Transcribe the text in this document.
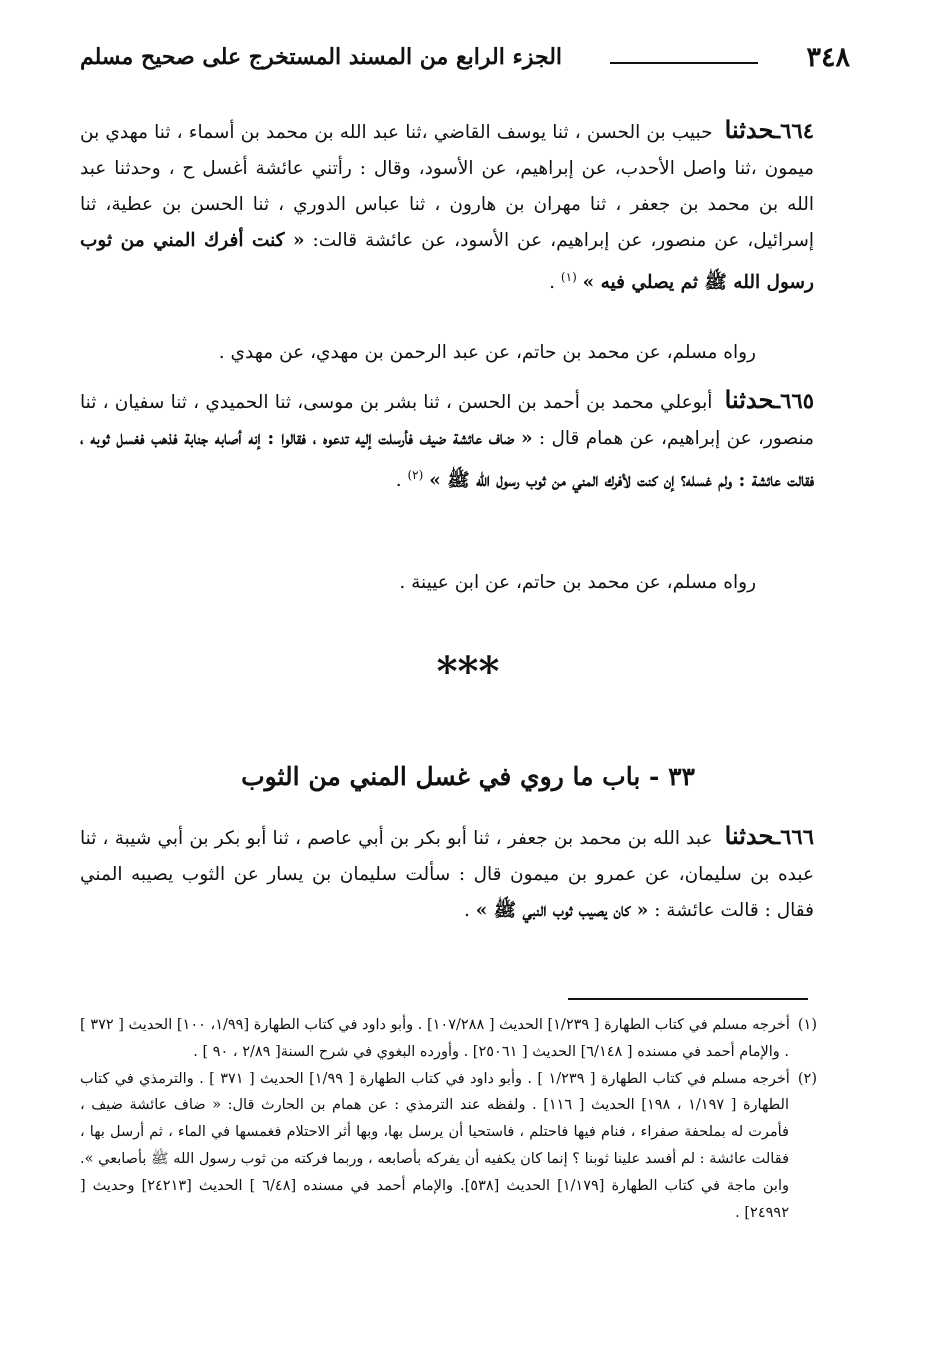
٣٤٨
الجزء الرابع من المسند المستخرج على صحيح مسلم

٦٦٤ـحدثنا حبيب بن الحسن ، ثنا يوسف القاضي ،ثنا عبد الله بن محمد بن أسماء ، ثنا مهدي بن ميمون ،ثنا واصل الأحدب، عن إبراهيم، عن الأسود، وقال : رأتني عائشة أغسل ح ، وحدثنا عبد الله بن محمد بن جعفر ، ثنا مهران بن هارون ، ثنا عباس الدوري ، ثنا الحسن بن عطية، ثنا إسرائيل، عن منصور، عن إبراهيم، عن الأسود، عن عائشة قالت: « كنت أفرك المني من ثوب رسول الله ﷺ ثم يصلي فيه » $^{(١)}$ .

رواه مسلم، عن محمد بن حاتم، عن عبد الرحمن بن مهدي، عن مهدي .

٦٦٥ـحدثنا أبوعلي محمد بن أحمد بن الحسن ، ثنا بشر بن موسى، ثنا الحميدي ، ثنا سفيان ، ثنا منصور، عن إبراهيم، عن همام قال : « ضاف عائشة ضيف فأرسلت إليه تدعوه ، فقالوا : إنه أصابه جنابة فذهب فغسل ثوبه ، فقالت عائشة : ولم غسله؟ إن كنت لأفرك المني من ثوب رسول الله ﷺ » $^{(٢)}$ .

رواه مسلم، عن محمد بن حاتم، عن ابن عيينة .
***
٣٣ - باب ما روي في غسل المني من الثوب

٦٦٦ـحدثنا عبد الله بن محمد بن جعفر ، ثنا أبو بكر بن أبي عاصم ، ثنا أبو بكر بن أبي شيبة ، ثنا عبده بن سليمان، عن عمرو بن ميمون قال : سألت سليمان بن يسار عن الثوب يصيبه المني فقال : قالت عائشة : « كان يصيب ثوب النبي ﷺ » .

(١)أخرجه مسلم في كتاب الطهارة [ ١/٢٣٩] الحديث [ ١٠٧/٢٨٨] . وأبو داود في كتاب الطهارة [١/٩٩، ١٠٠] الحديث [ ٣٧٢ ] . والإمام أحمد في مسنده [ ٦/١٤٨] الحديث [ ٢٥٠٦١] . وأورده البغوي في شرح السنة[ ٢/٨٩ ، ٩٠ ] .

(٢)أخرجه مسلم في كتاب الطهارة [ ١/٢٣٩ ] . وأبو داود في كتاب الطهارة [ ١/٩٩] الحديث [ ٣٧١ ] . والترمذي في كتاب الطهارة [ ١/١٩٧ ، ١٩٨] الحديث [ ١١٦] . ولفظه عند الترمذي : عن همام بن الحارث قال: « ضاف عائشة ضيف ، فأمرت له بملحفة صفراء ، فنام فيها فاحتلم ، فاستحيا أن يرسل بها، وبها أثر الاحتلام فغمسها في الماء ، ثم أرسل بها ، فقالت عائشة : لم أفسد علينا ثوبنا ؟ إنما كان يكفيه أن يفركه بأصابعه ، وربما فركته من ثوب رسول الله ﷺ بأصابعي ». وابن ماجة في كتاب الطهارة [١/١٧٩] الحديث [٥٣٨]. والإمام أحمد في مسنده [٦/٤٨ ] الحديث [٢٤٢١٣] وحديث [ ٢٤٩٩٢] .
